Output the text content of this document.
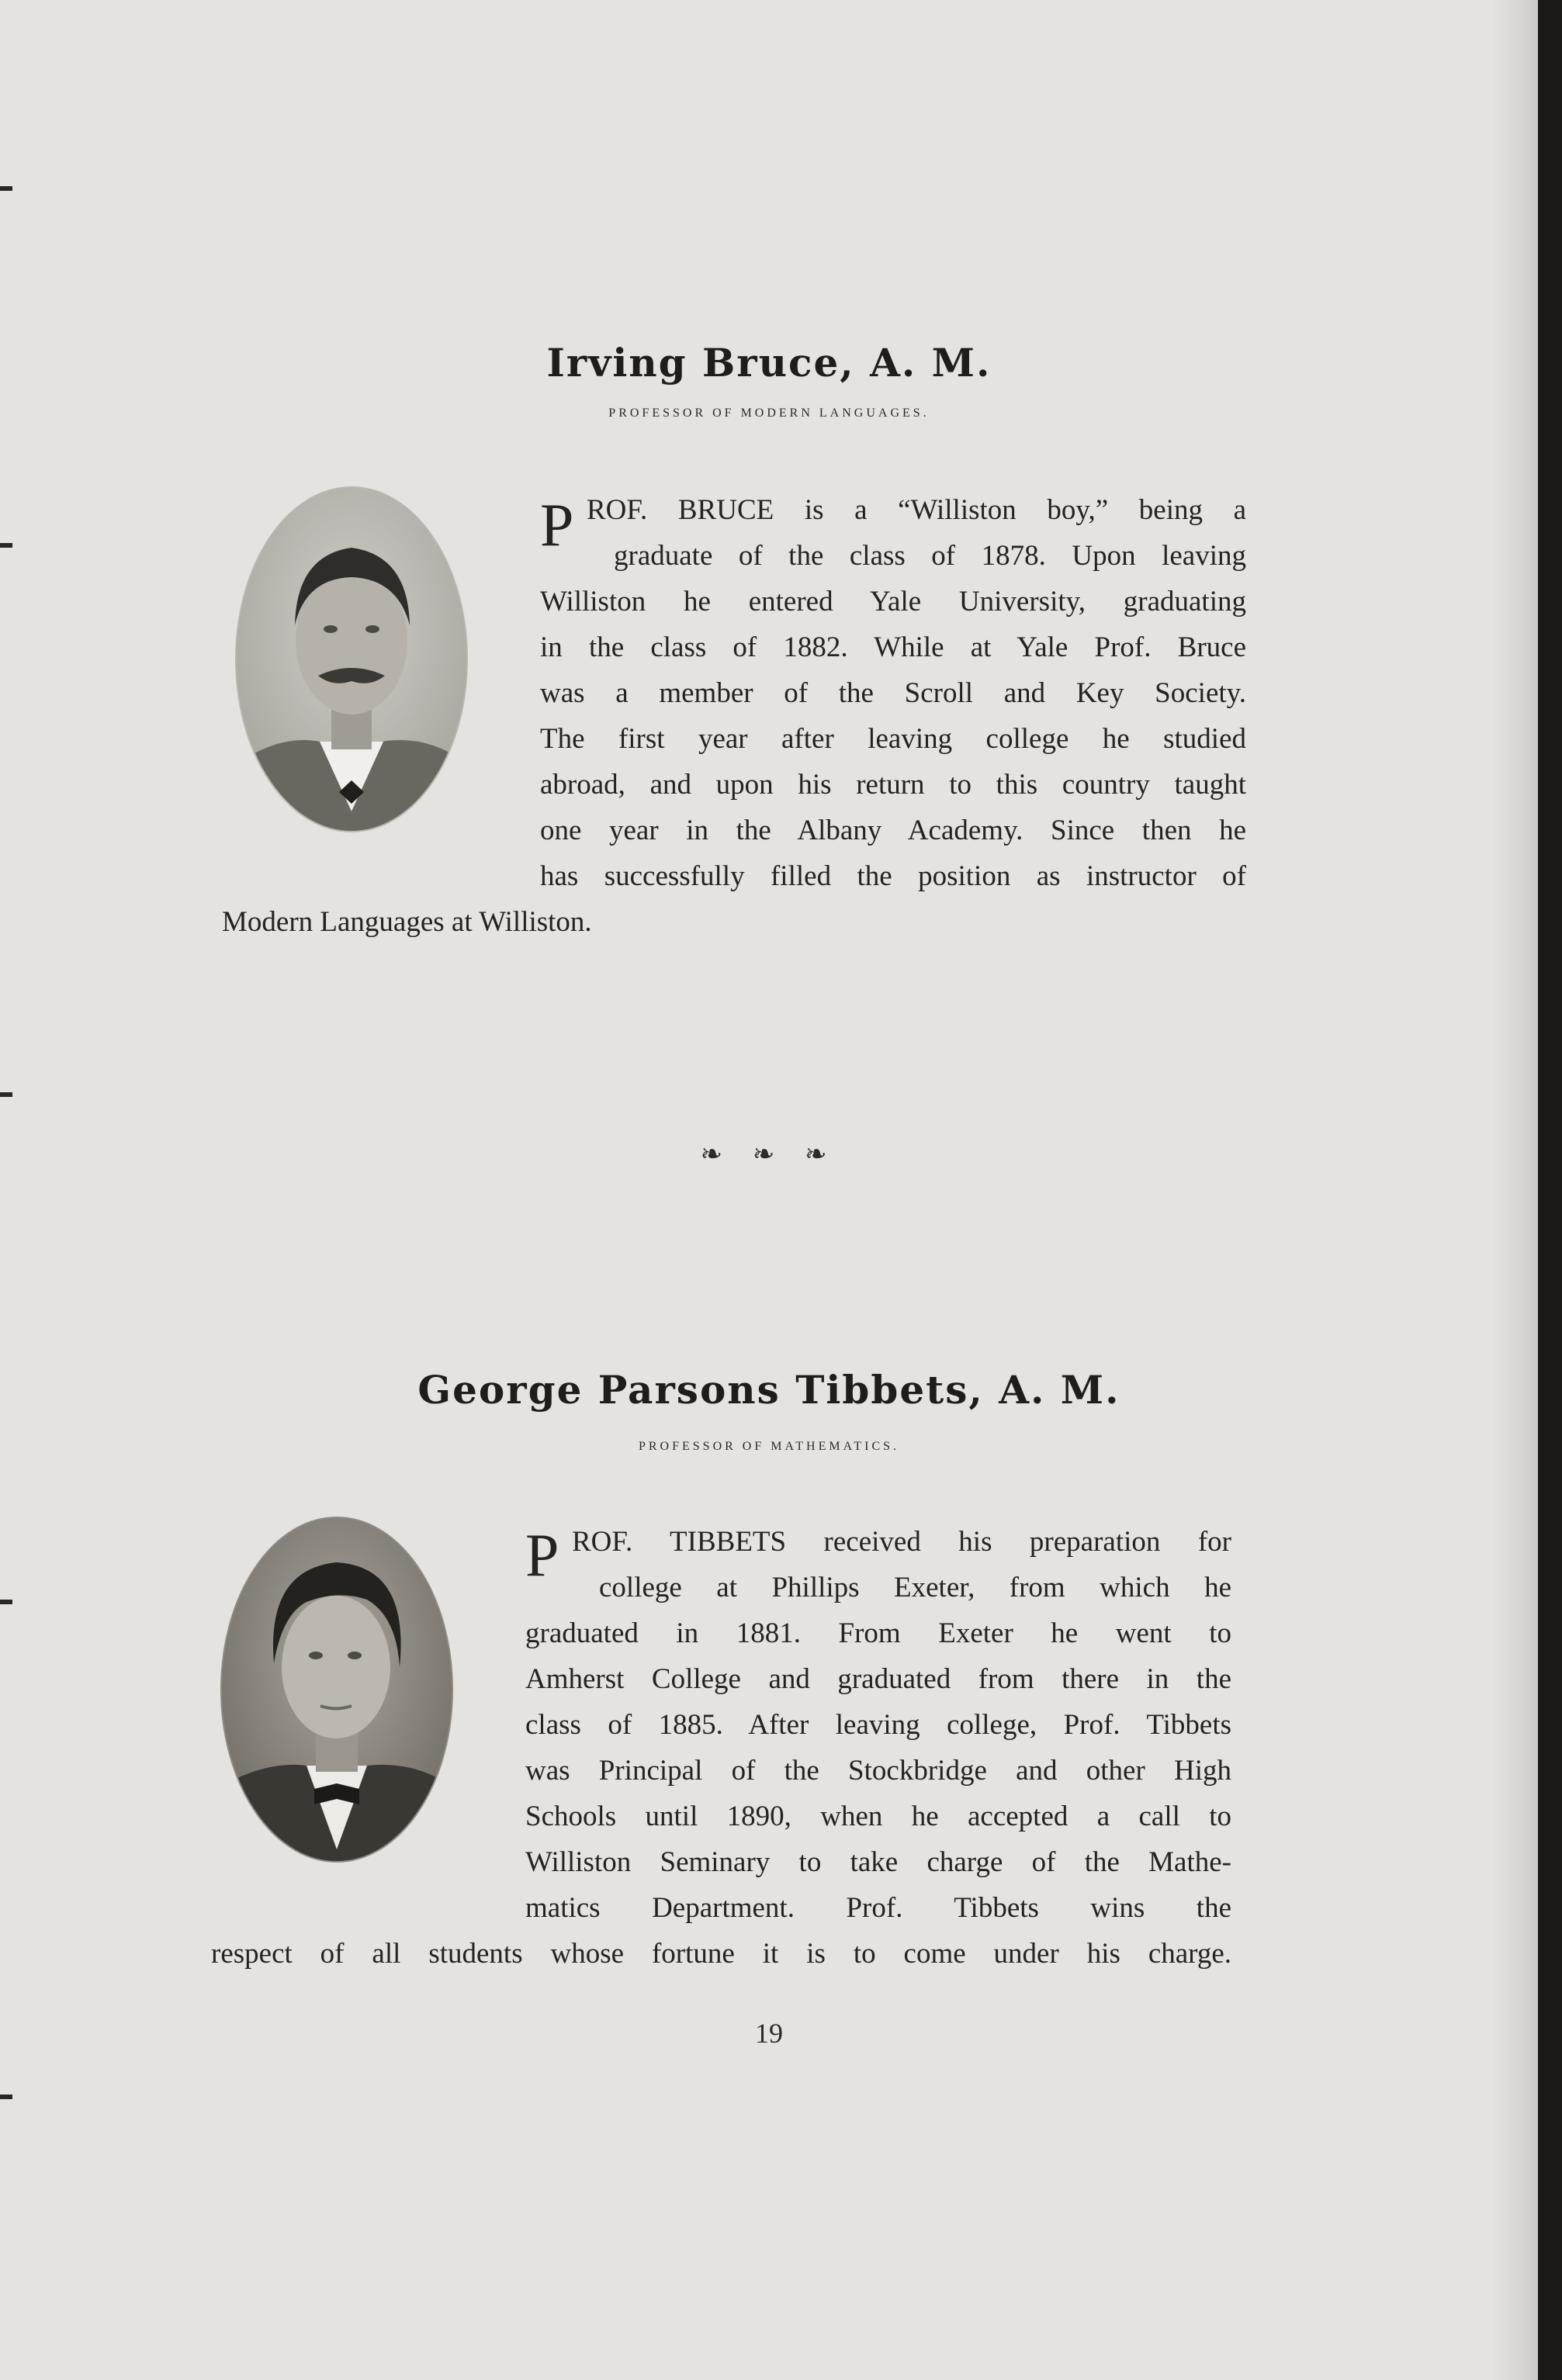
Irving Bruce, A. M.
PROFESSOR OF MODERN LANGUAGES.
P ROF. BRUCE is a “Williston boy,” being a
graduate of the class of 1878. Upon leaving
Williston he entered Yale University, graduating
in the class of 1882. While at Yale Prof. Bruce
was a member of the Scroll and Key Society.
The first year after leaving college he studied
abroad, and upon his return to this country taught
one year in the Albany Academy. Since then he
has successfully filled the position as instructor of
Modern Languages at Williston.
❧ ❧ ❧
George Parsons Tibbets, A. M.
PROFESSOR OF MATHEMATICS.
P ROF. TIBBETS received his preparation for
college at Phillips Exeter, from which he
graduated in 1881. From Exeter he went to
Amherst College and graduated from there in the
class of 1885. After leaving college, Prof. Tibbets
was Principal of the Stockbridge and other High
Schools until 1890, when he accepted a call to
Williston Seminary to take charge of the Mathe-
matics Department. Prof. Tibbets wins the
respect of all students whose fortune it is to come under his charge.
19
